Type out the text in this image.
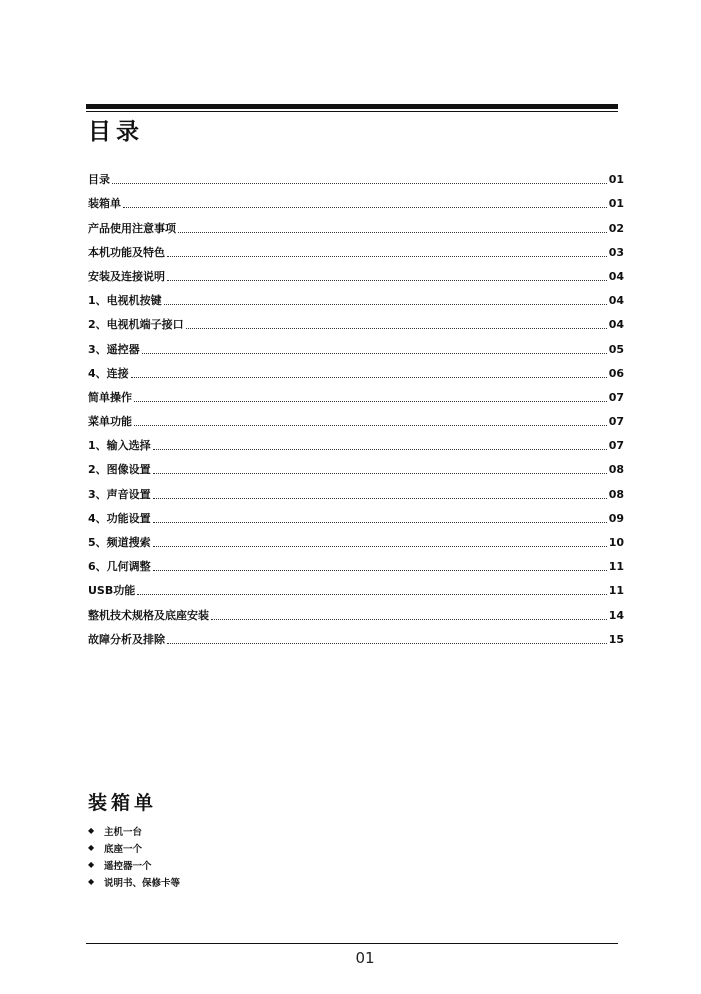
目录
目录	01
装箱单	01
产品使用注意事项	02
本机功能及特色	03
安装及连接说明	04
1、电视机按键	04
2、电视机端子接口	04
3、遥控器	05
4、连接	06
简单操作	07
菜单功能	07
1、输入选择	07
2、图像设置	08
3、声音设置	08
4、功能设置	09
5、频道搜索	10
6、几何调整	11
USB功能	11
整机技术规格及底座安装	14
故障分析及排除	15
装箱单
◆	主机一台
◆	底座一个
◆	遥控器一个
◆	说明书、保修卡等
01
